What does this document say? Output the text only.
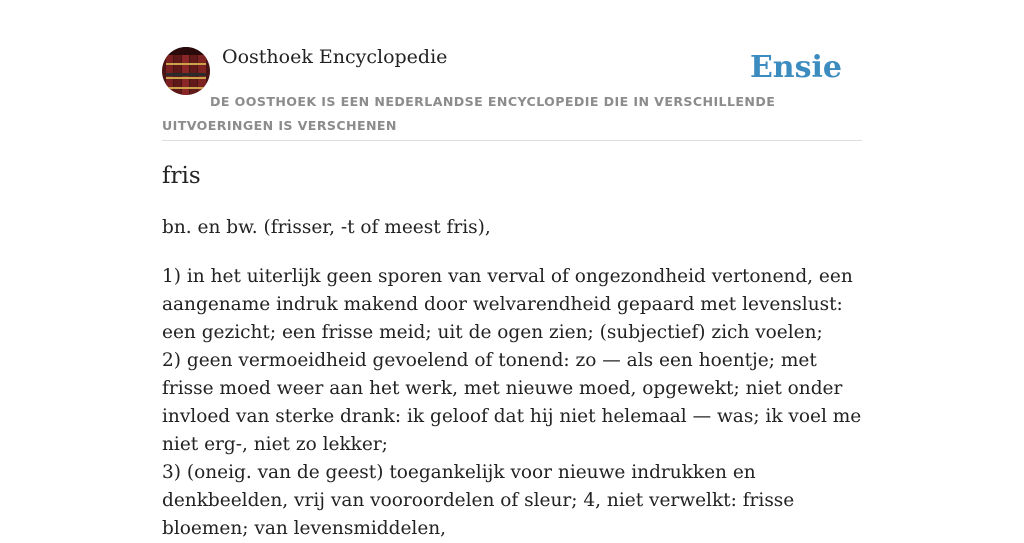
Oosthoek Encyclopedie	Ensie
DE OOSTHOEK IS EEN NEDERLANDSE ENCYCLOPEDIE DIE IN VERSCHILLENDE UITVOERINGEN IS VERSCHENEN
fris
bn. en bw. (frisser, -t of meest fris),
1) in het uiterlijk geen sporen van verval of ongezondheid vertonend, een aangename indruk makend door welvarendheid gepaard met levenslust: een gezicht; een frisse meid; uit de ogen zien; (subjectief) zich voelen;
2) geen vermoeidheid gevoelend of tonend: zo — als een hoentje; met frisse moed weer aan het werk, met nieuwe moed, opgewekt; niet onder invloed van sterke drank: ik geloof dat hij niet helemaal — was; ik voel me niet erg-, niet zo lekker;
3) (oneig. van de geest) toegankelijk voor nieuwe indrukken en denkbeelden, vrij van vooroordelen of sleur; 4, niet verwelkt: frisse bloemen; van levensmiddelen,
